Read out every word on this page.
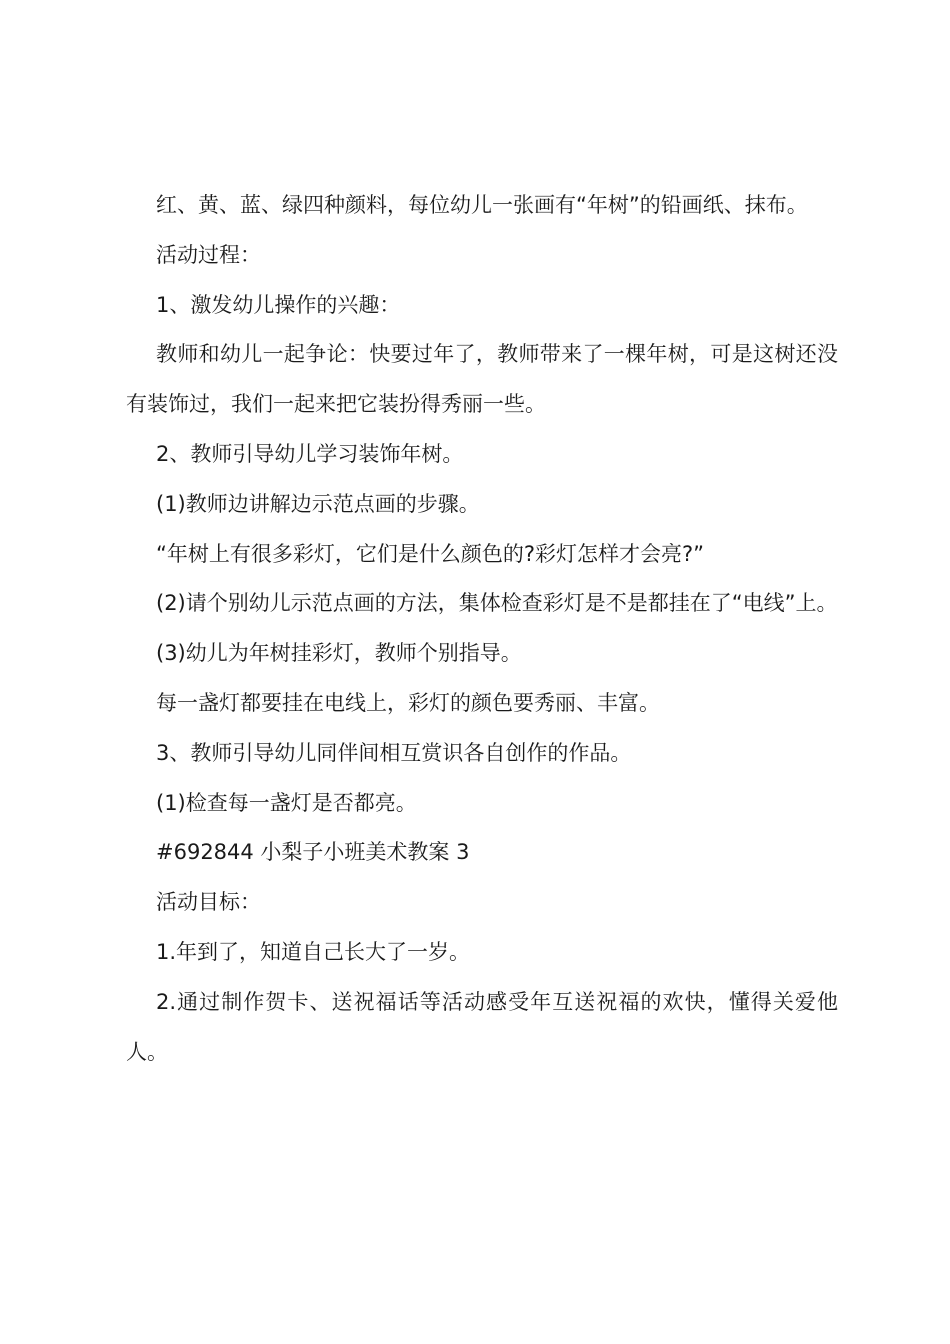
红、黄、蓝、绿四种颜料，每位幼儿一张画有“年树”的铅画纸、抹布。

活动过程：

1、激发幼儿操作的兴趣：

教师和幼儿一起争论：快要过年了，教师带来了一棵年树，可是这树还没有装饰过，我们一起来把它装扮得秀丽一些。

2、教师引导幼儿学习装饰年树。

(1)教师边讲解边示范点画的步骤。

“年树上有很多彩灯，它们是什么颜色的?彩灯怎样才会亮?”

(2)请个别幼儿示范点画的方法，集体检查彩灯是不是都挂在了“电线”上。

(3)幼儿为年树挂彩灯，教师个别指导。

每一盏灯都要挂在电线上，彩灯的颜色要秀丽、丰富。

3、教师引导幼儿同伴间相互赏识各自创作的作品。

(1)检查每一盏灯是否都亮。

#692844 小梨子小班美术教案 3

活动目标：

1.年到了，知道自己长大了一岁。

2.通过制作贺卡、送祝福话等活动感受年互送祝福的欢快，懂得关爱他人。
